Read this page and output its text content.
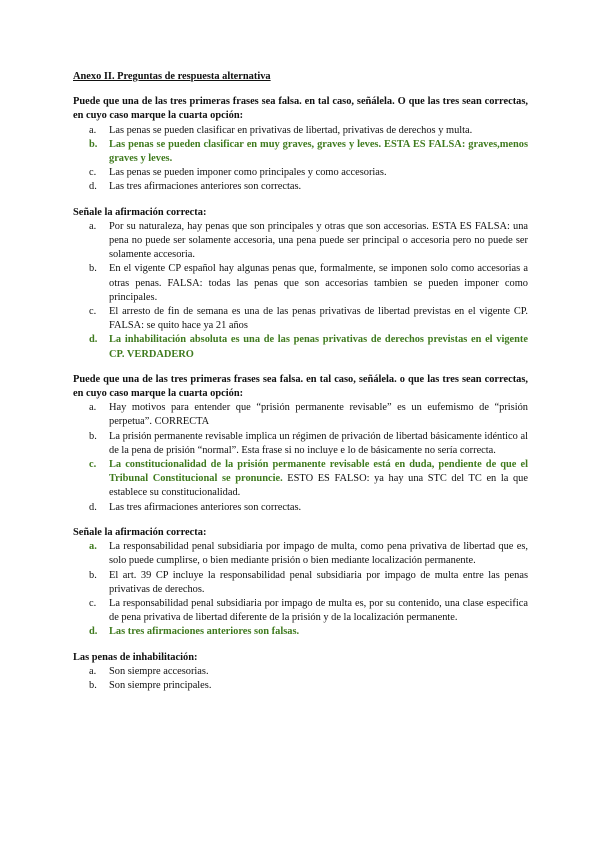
Anexo II. Preguntas de respuesta alternativa

Puede que una de las tres primeras frases sea falsa. en tal caso, señálela. O que las tres sean correctas, en cuyo caso marque la cuarta opción:

a. Las penas se pueden clasificar en privativas de libertad, privativas de derechos y multa.
b. Las penas se pueden clasificar en muy graves, graves y leves. ESTA ES FALSA: graves,menos graves y leves.
c. Las penas se pueden imponer como principales y como accesorias.
d. Las tres afirmaciones anteriores son correctas.

Señale la afirmación correcta:

a. Por su naturaleza, hay penas que son principales y otras que son accesorias. ESTA ES FALSA: una pena no puede ser solamente accesoria, una pena puede ser principal o accesoria pero no puede ser solamente accesoria.
b. En el vigente CP español hay algunas penas que, formalmente, se imponen solo como accesorias a otras penas. FALSA: todas las penas que son accesorias tambien se pueden imponer como principales.
c. El arresto de fin de semana es una de las penas privativas de libertad previstas en el vigente CP. FALSA: se quito hace ya 21 años
d. La inhabilitación absoluta es una de las penas privativas de derechos previstas en el vigente CP. VERDADERO

Puede que una de las tres primeras frases sea falsa. en tal caso, señálela. o que las tres sean correctas, en cuyo caso marque la cuarta opción:

a. Hay motivos para entender que “prisión permanente revisable” es un eufemismo de “prisión perpetua”. CORRECTA
b. La prisión permanente revisable implica un régimen de privación de libertad básicamente idéntico al de la pena de prisión “normal”. Esta frase si no incluye e lo de básicamente no sería correcta.
c. La constitucionalidad de la prisión permanente revisable está en duda, pendiente de que el Tribunal Constitucional se pronuncie. ESTO ES FALSO: ya hay una STC del TC en la que establece su constitucionalidad.
d. Las tres afirmaciones anteriores son correctas.

Señale la afirmación correcta:

a. La responsabilidad penal subsidiaria por impago de multa, como pena privativa de libertad que es, solo puede cumplirse, o bien mediante prisión o bien mediante localización permanente.
b. El art. 39 CP incluye la responsabilidad penal subsidiaria por impago de multa entre las penas privativas de derechos.
c. La responsabilidad penal subsidiaria por impago de multa es, por su contenido, una clase especifica de pena privativa de libertad diferente de la prisión y de la localización permanente.
d. Las tres afirmaciones anteriores son falsas.

Las penas de inhabilitación:

a. Son siempre accesorias.
b. Son siempre principales.
